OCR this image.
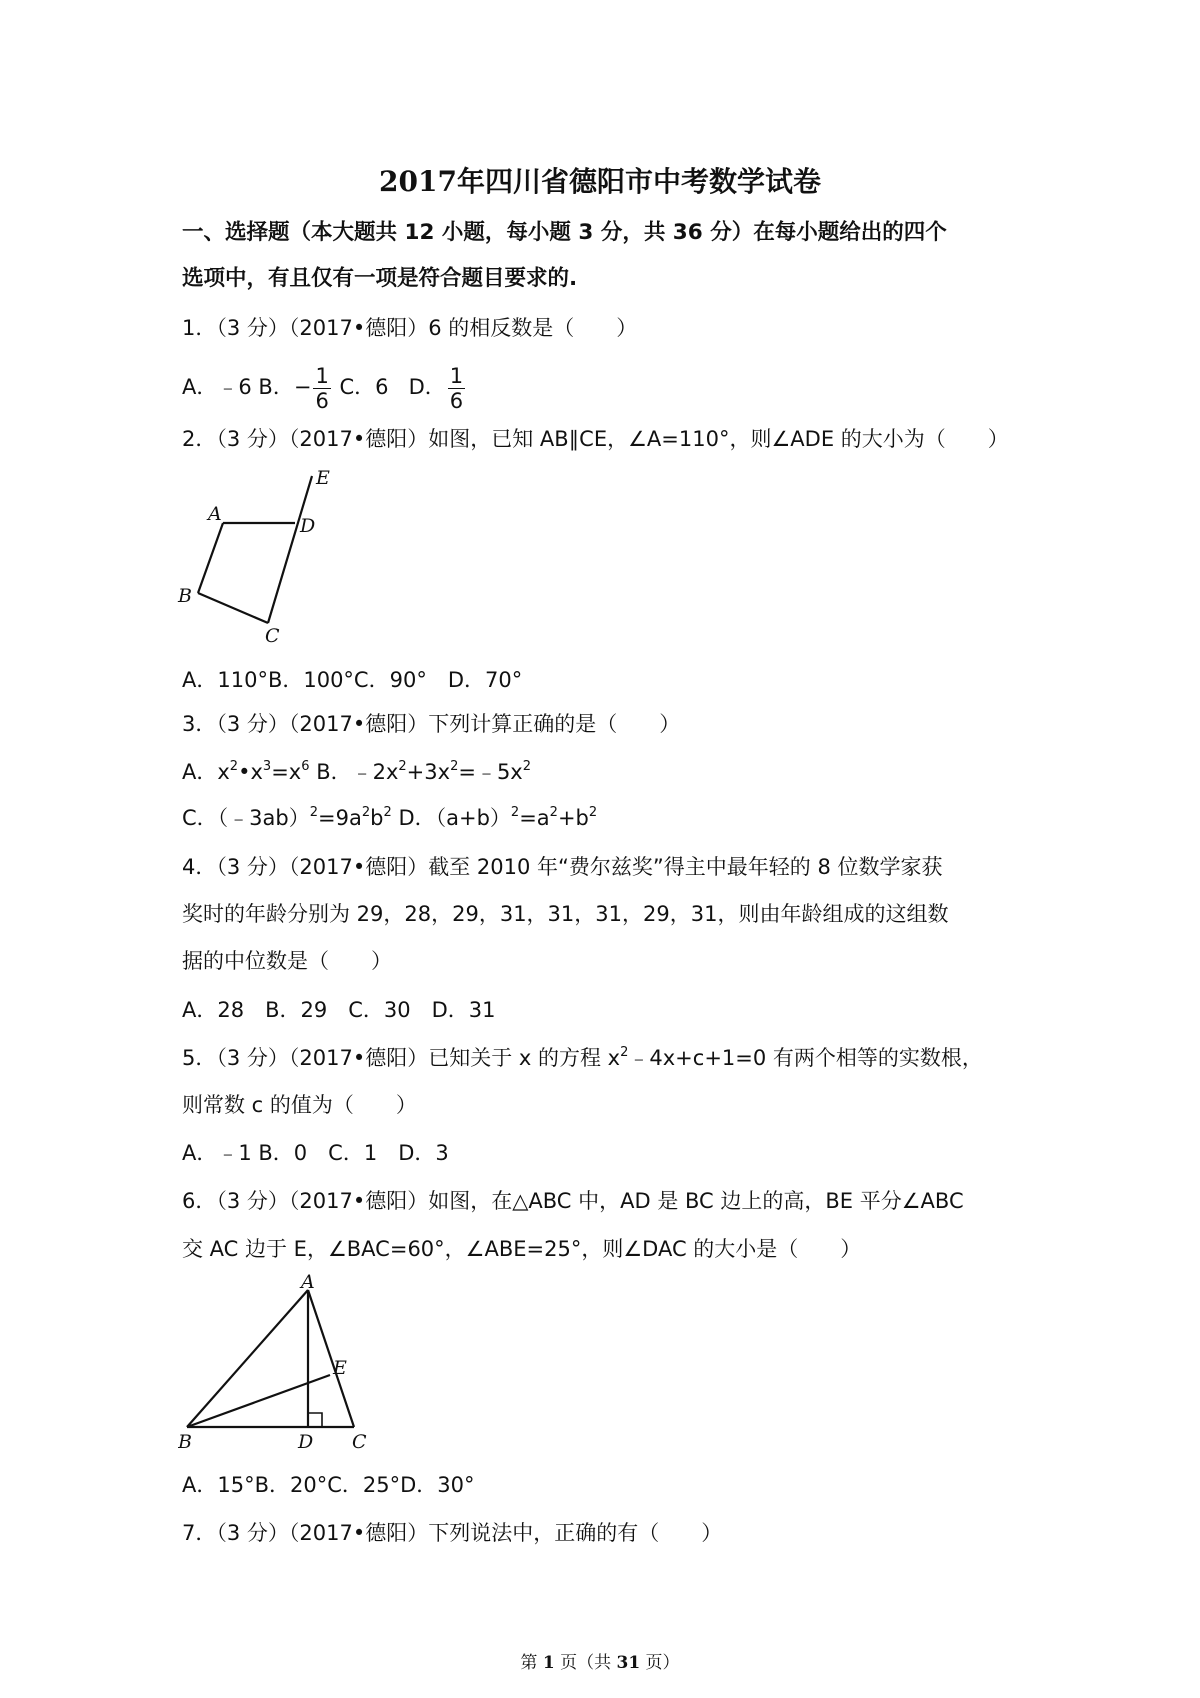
2017年四川省德阳市中考数学试卷
一、选择题（本大题共 12 小题，每小题 3 分，共 36 分）在每小题给出的四个
选项中，有且仅有一项是符合题目要求的.
1．（3 分）（2017•德阳）6 的相反数是（　　）
A．﹣6 B．− $\frac{1}{6}$ C．6 D． $\frac{1}{6}$
2．（3 分）（2017•德阳）如图，已知 AB∥CE，∠A=110°，则∠ADE 的大小为（　　）
A
D
E
B
C
A．110°B．100°C．90°　D．70°
3．（3 分）（2017•德阳）下列计算正确的是（　　）
A．$x^2•x^3=x^6$ B．$﹣2x^2+3x^2=﹣5x^2$
C．$(﹣3ab)^2=9a^2b^2$ D．$(a+b)^2=a^2+b^2$
4．（3 分）（2017•德阳）截至 2010 年“费尔兹奖”得主中最年轻的 8 位数学家获
奖时的年龄分别为 29，28，29，31，31，31，29，31，则由年龄组成的这组数
据的中位数是（　　）
A．28　B．29　C．30　D．31
5．（3 分）（2017•德阳）已知关于 x 的方程 $x^2﹣4x+c+1=0$ 有两个相等的实数根，
则常数 c 的值为（　　）
A．﹣1 B．0　C．1　D．3
6．（3 分）（2017•德阳）如图，在△ABC 中，AD 是 BC 边上的高，BE 平分∠ABC
交 AC 边于 E，∠BAC=60°，∠ABE=25°，则∠DAC 的大小是（　　）
A
E
B	D C
A．15°B．20°C．25°D．30°
7．（3 分）（2017•德阳）下列说法中，正确的有（　　）
第 1 页（共 31 页）
